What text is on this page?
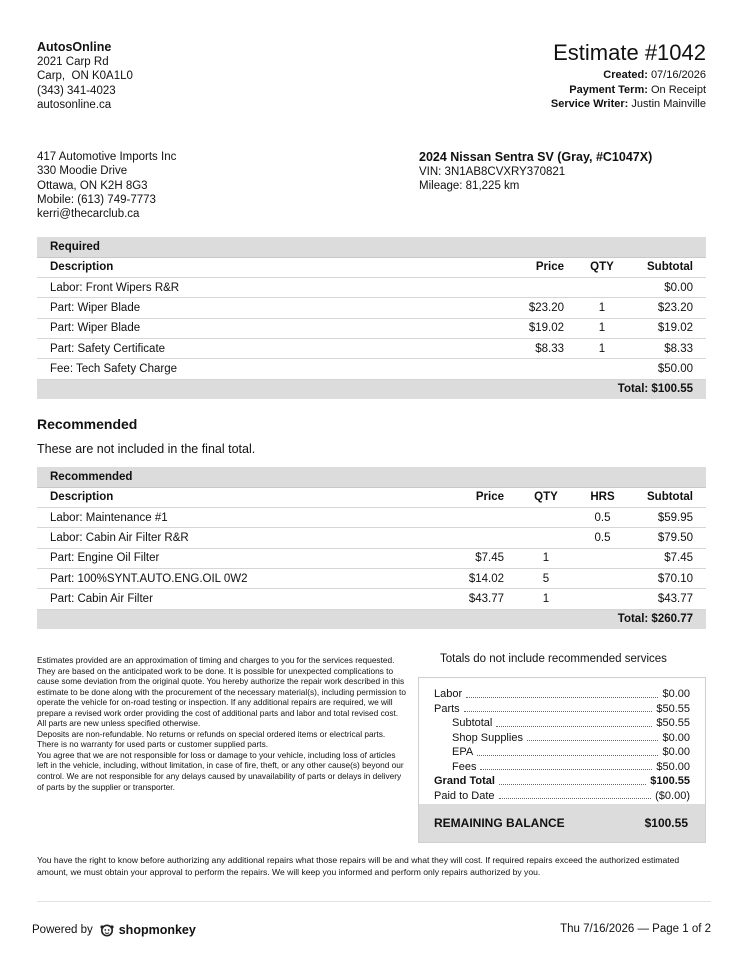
AutosOnline
2021 Carp Rd
Carp,  ON K0A1L0
(343) 341-4023
autosonline.ca
Estimate #1042
Created: 07/16/2026
Payment Term: On Receipt
Service Writer: Justin Mainville
417 Automotive Imports Inc
330 Moodie Drive
Ottawa, ON K2H 8G3
Mobile: (613) 749-7773
kerri@thecarclub.ca
2024 Nissan Sentra SV (Gray, #C1047X)
VIN: 3N1AB8CVXRY370821
Mileage: 81,225 km
Required			
Description	Price	QTY	Subtotal
Labor: Front Wipers R&R			$0.00
Part: Wiper Blade	$23.20	1	$23.20
Part: Wiper Blade	$19.02	1	$19.02
Part: Safety Certificate	$8.33	1	$8.33
Fee: Tech Safety Charge			$50.00
Total: $100.55			
Recommended
These are not included in the final total.
Recommended				
Description	Price	QTY	HRS	Subtotal
Labor: Maintenance #1			0.5	$59.95
Labor: Cabin Air Filter R&R			0.5	$79.50
Part: Engine Oil Filter	$7.45	1		$7.45
Part: 100%SYNT.AUTO.ENG.OIL 0W2	$14.02	5		$70.10
Part: Cabin Air Filter	$43.77	1		$43.77
Total: $260.77				

Estimates provided are an approximation of timing and charges to you for the services requested. They are based on the anticipated work to be done. It is possible for unexpected complications to cause some deviation from the original quote. You hereby authorize the repair work described in this estimate to be done along with the procurement of the necessary material(s), including permission to operate the vehicle for on-road testing or inspection. If any additional repairs are required, we will prepare a revised work order providing the cost of additional parts and labor and total revised cost. All parts are new unless specified otherwise.

Deposits are non-refundable. No returns or refunds on special ordered items or electrical parts. There is no warranty for used parts or customer supplied parts.

You agree that we are not responsible for loss or damage to your vehicle, including loss of articles left in the vehicle, including, without limitation, in case of fire, theft, or any other cause(s) beyond our control. We are not responsible for any delays caused by unavailability of parts or delays in delivery of parts by the supplier or transporter.

Totals do not include recommended services
Labor	$0.00
Parts	$50.55
Subtotal	$50.55
Shop Supplies	$0.00
EPA	$0.00
Fees	$50.00
Grand Total	$100.55
Paid to Date	($0.00)
REMAINING BALANCE	$100.55
You have the right to know before authorizing any additional repairs what those repairs will be and what they will cost. If required repairs exceed the authorized estimated amount, we must obtain your approval to perform the repairs. We will keep you informed and perform only repairs authorized by you.
Powered by shopmonkey	Thu 7/16/2026 — Page 1 of 2
